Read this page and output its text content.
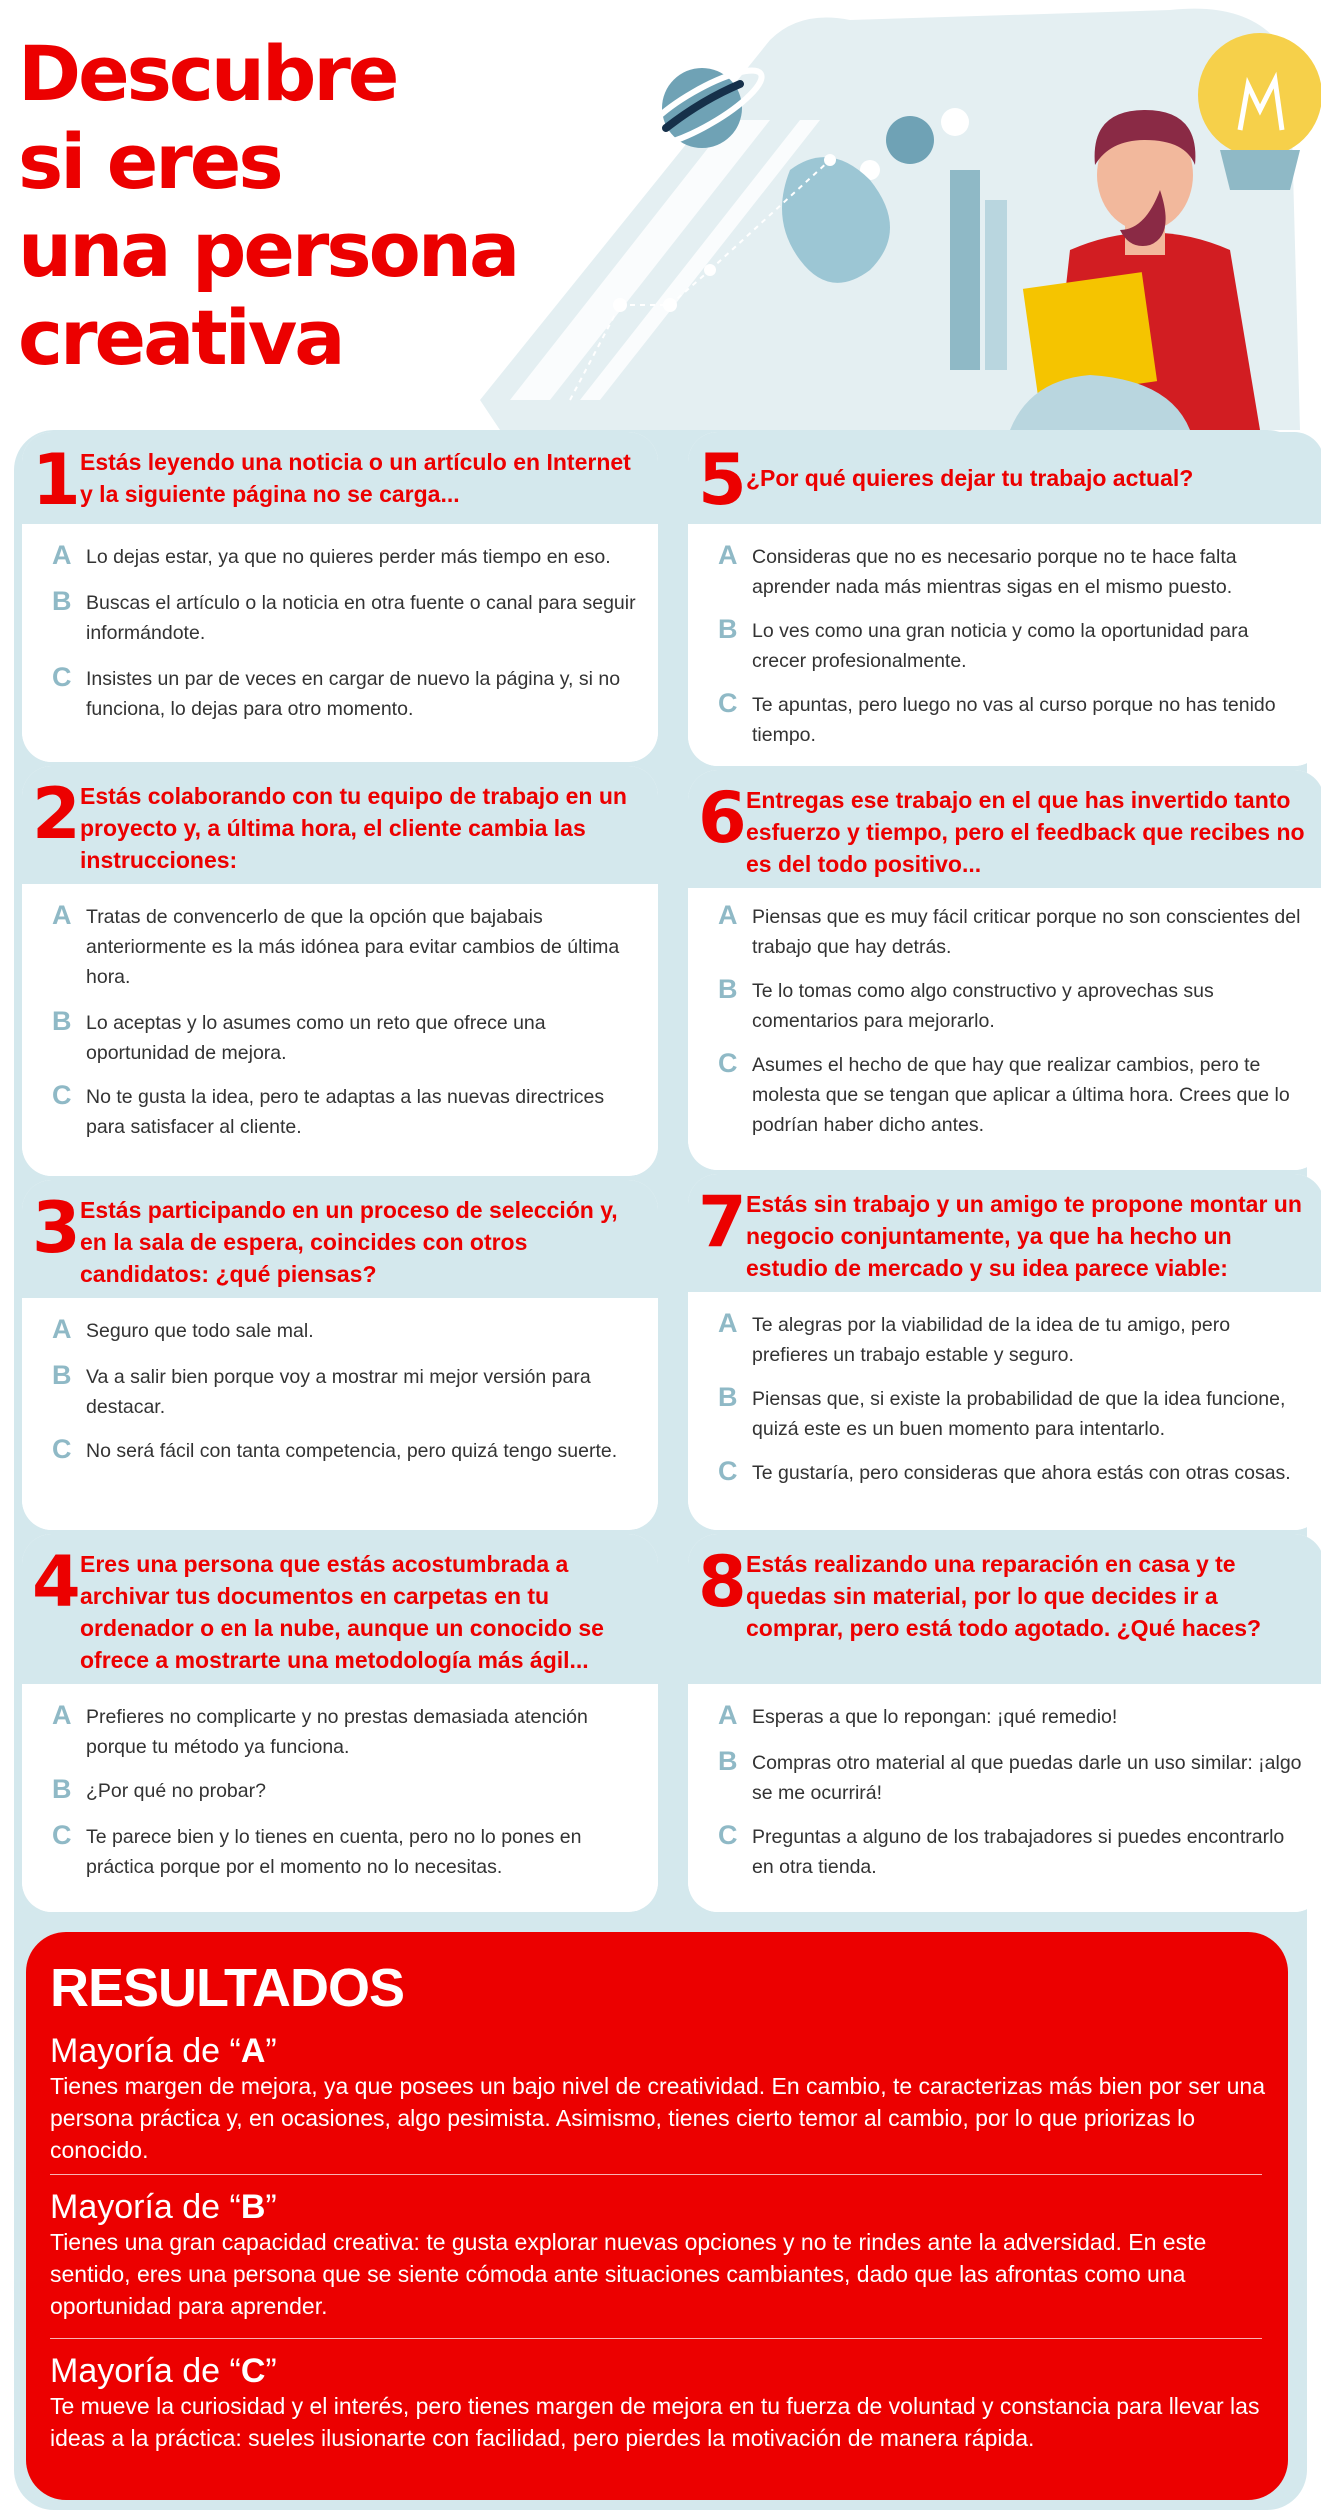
Descubre
si eres
una persona
creativa
1 Estás leyendo una noticia o un artículo en Internet y la siguiente página no se carga...
A Lo dejas estar, ya que no quieres perder más tiempo en eso.
B Buscas el artículo o la noticia en otra fuente o canal para seguir informándote.
C Insistes un par de veces en cargar de nuevo la página y, si no funciona, lo dejas para otro momento.
2 Estás colaborando con tu equipo de trabajo en un proyecto y, a última hora, el cliente cambia las instrucciones:
A Tratas de convencerlo de que la opción que bajabais anteriormente es la más idónea para evitar cambios de última hora.
B Lo aceptas y lo asumes como un reto que ofrece una oportunidad de mejora.
C No te gusta la idea, pero te adaptas a las nuevas directrices para satisfacer al cliente.
3 Estás participando en un proceso de selección y, en la sala de espera, coincides con otros candidatos: ¿qué piensas?
A Seguro que todo sale mal.
B Va a salir bien porque voy a mostrar mi mejor versión para destacar.
C No será fácil con tanta competencia, pero quizá tengo suerte.
4 Eres una persona que estás acostumbrada a archivar tus documentos en carpetas en tu ordenador o en la nube, aunque un conocido se ofrece a mostrarte una metodología más ágil...
A Prefieres no complicarte y no prestas demasiada atención porque tu método ya funciona.
B ¿Por qué no probar?
C Te parece bien y lo tienes en cuenta, pero no lo pones en práctica porque por el momento no lo necesitas.
5 ¿Por qué quieres dejar tu trabajo actual?
A Consideras que no es necesario porque no te hace falta aprender nada más mientras sigas en el mismo puesto.
B Lo ves como una gran noticia y como la oportunidad para crecer profesionalmente.
C Te apuntas, pero luego no vas al curso porque no has tenido tiempo.
6 Entregas ese trabajo en el que has invertido tanto esfuerzo y tiempo, pero el feedback que recibes no es del todo positivo...
A Piensas que es muy fácil criticar porque no son conscientes del trabajo que hay detrás.
B Te lo tomas como algo constructivo y aprovechas sus comentarios para mejorarlo.
C Asumes el hecho de que hay que realizar cambios, pero te molesta que se tengan que aplicar a última hora. Crees que lo podrían haber dicho antes.
7 Estás sin trabajo y un amigo te propone montar un negocio conjuntamente, ya que ha hecho un estudio de mercado y su idea parece viable:
A Te alegras por la viabilidad de la idea de tu amigo, pero prefieres un trabajo estable y seguro.
B Piensas que, si existe la probabilidad de que la idea funcione, quizá este es un buen momento para intentarlo.
C Te gustaría, pero consideras que ahora estás con otras cosas.
8 Estás realizando una reparación en casa y te quedas sin material, por lo que decides ir a comprar, pero está todo agotado. ¿Qué haces?
A Esperas a que lo repongan: ¡qué remedio!
B Compras otro material al que puedas darle un uso similar: ¡algo se me ocurrirá!
C Preguntas a alguno de los trabajadores si puedes encontrarlo en otra tienda.
RESULTADOS
Mayoría de “A”
Tienes margen de mejora, ya que posees un bajo nivel de creatividad. En cambio, te caracterizas más bien por ser una persona práctica y, en ocasiones, algo pesimista. Asimismo, tienes cierto temor al cambio, por lo que priorizas lo conocido.
Mayoría de “B”
Tienes una gran capacidad creativa: te gusta explorar nuevas opciones y no te rindes ante la adversidad. En este sentido, eres una persona que se siente cómoda ante situaciones cambiantes, dado que las afrontas como una oportunidad para aprender.
Mayoría de “C”
Te mueve la curiosidad y el interés, pero tienes margen de mejora en tu fuerza de voluntad y constancia para llevar las ideas a la práctica: sueles ilusionarte con facilidad, pero pierdes la motivación de manera rápida.
